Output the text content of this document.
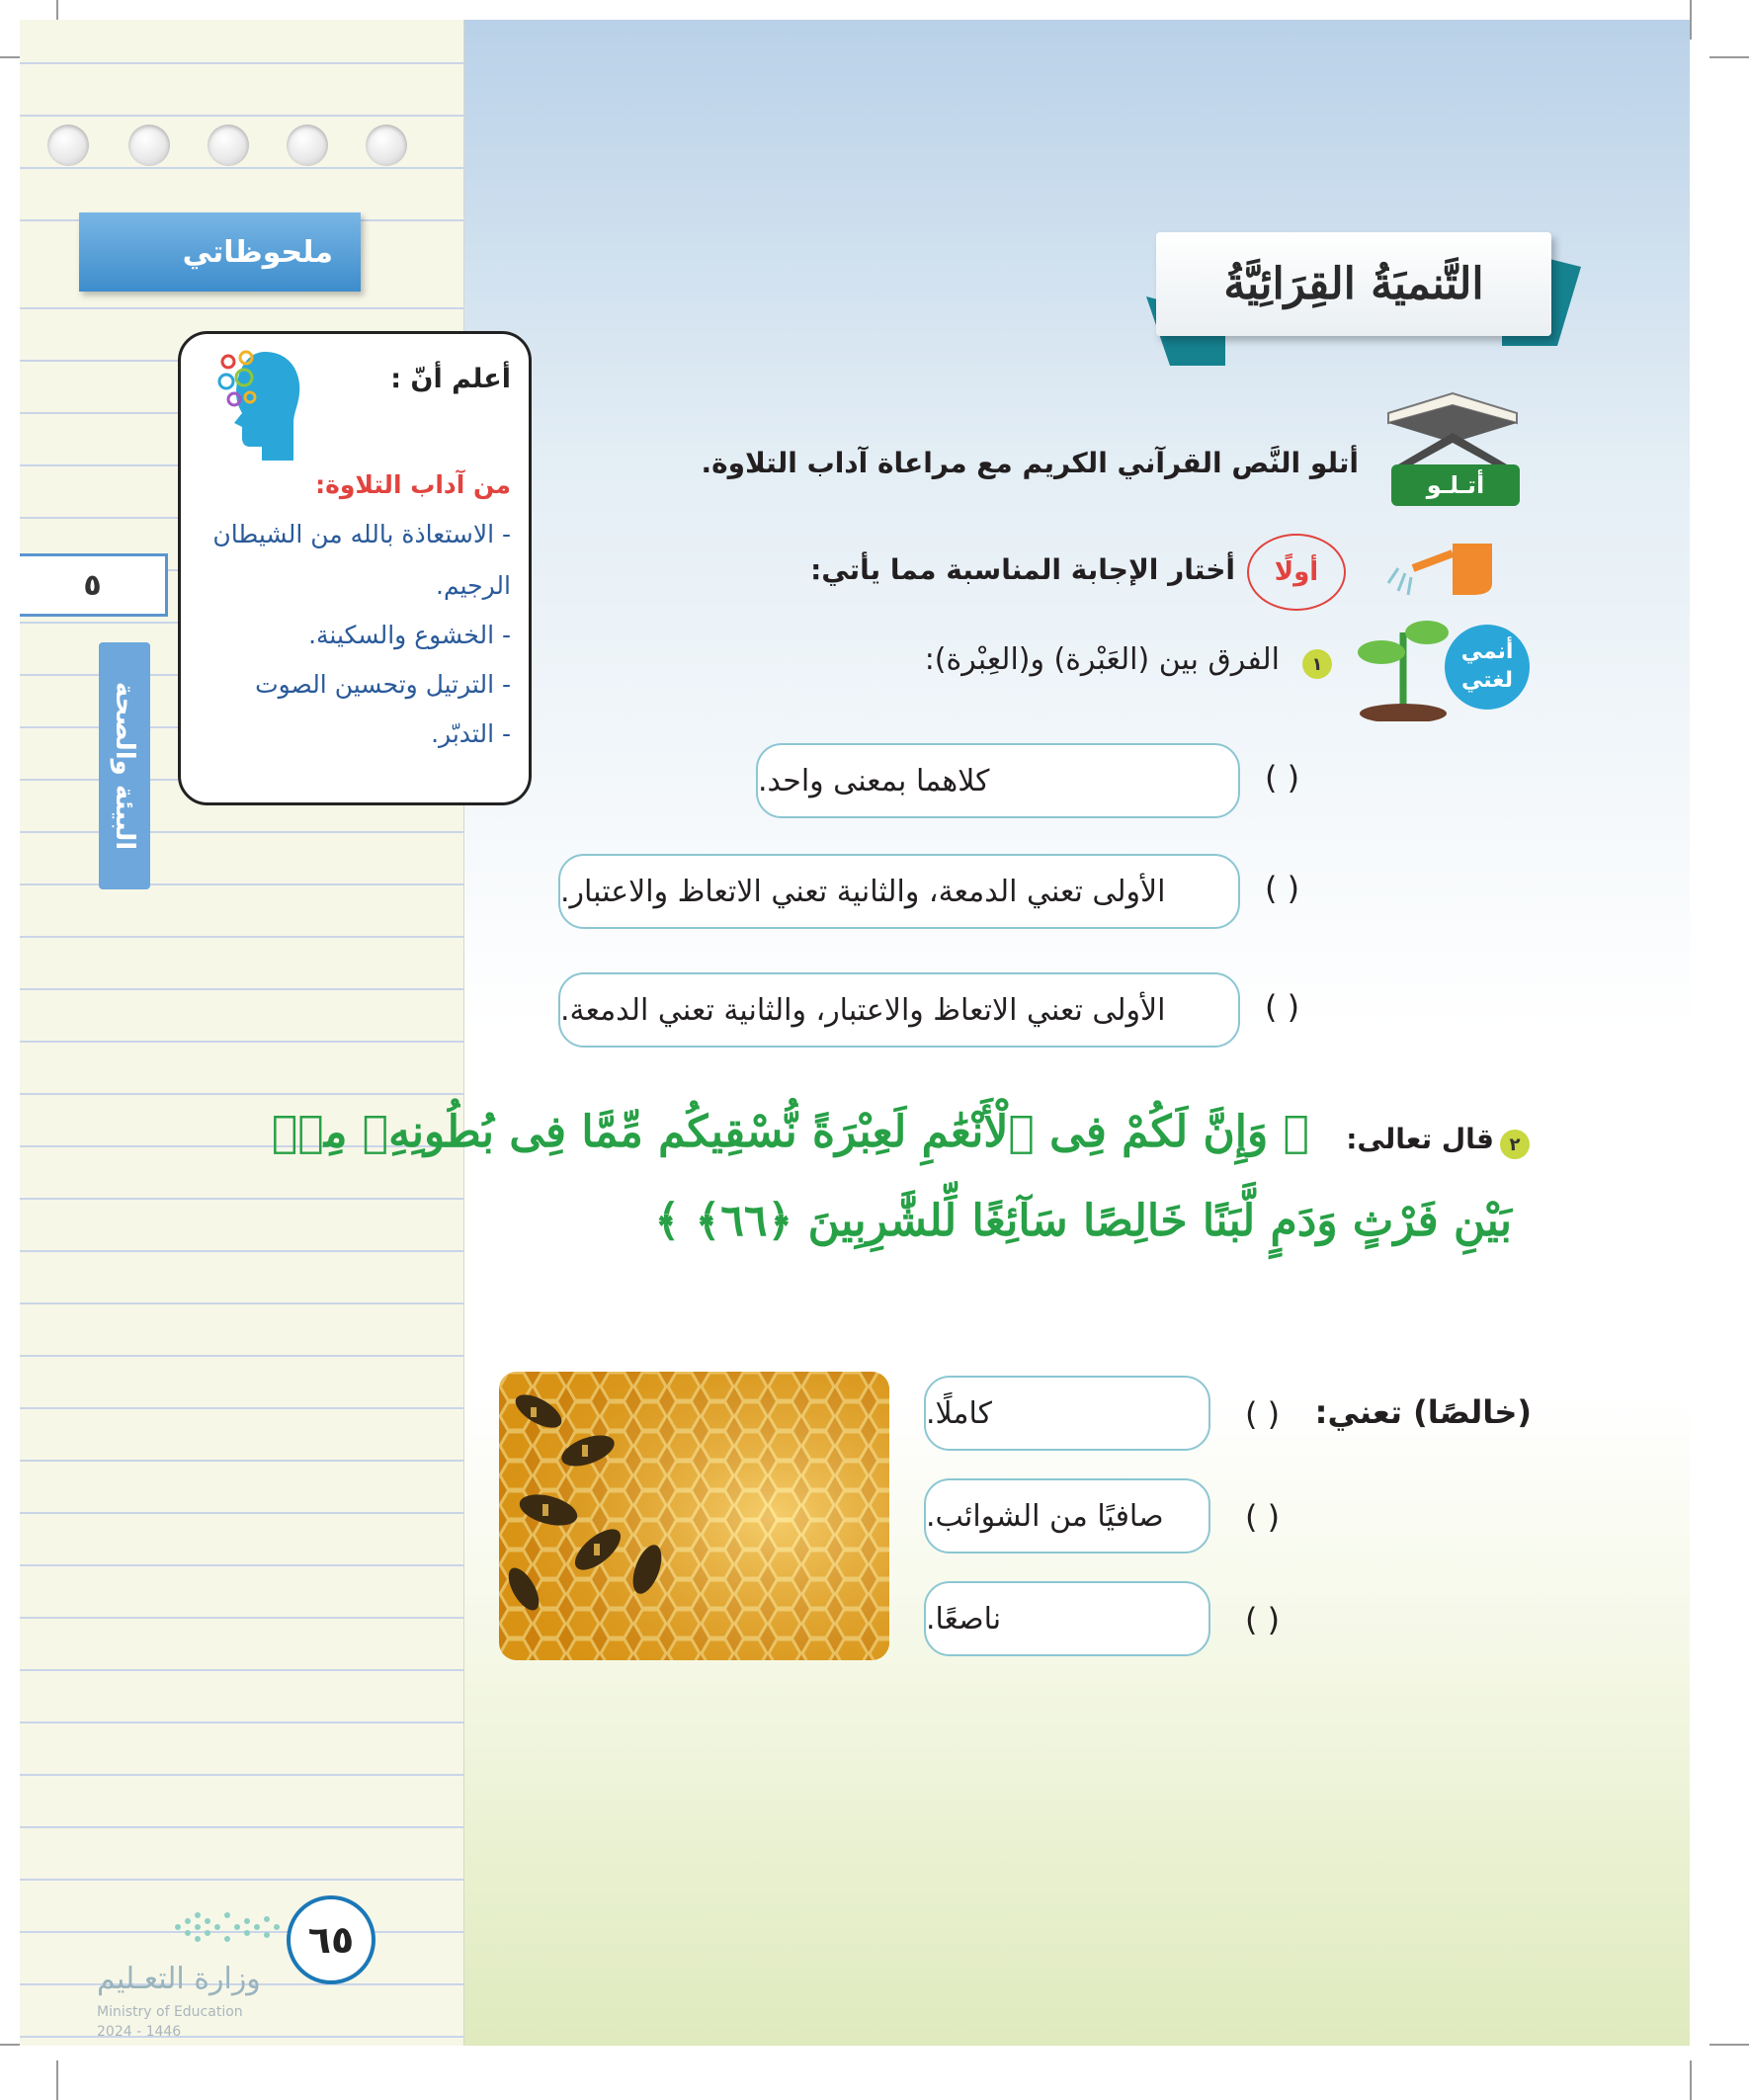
ملحوظاتي
٥
البيئة والصحة
أعلم أنّ :
من آداب التلاوة:
- الاستعاذة بالله من الشيطان
الرجيم.
- الخشوع والسكينة.
- الترتيل وتحسين الصوت
- التدبّر.
التَّنميَةُ القِرَائِيَّةُ
أتـلـو
أتلو النَّص القرآني الكريم مع مراعاة آداب التلاوة.
أنمي
لغتي
أولًا
أختار الإجابة المناسبة مما يأتي:
١
الفرق بين (العَبْرة) و(العِبْرة):
( )
كلاهما بمعنى واحد.
( )
الأولى تعني الدمعة، والثانية تعني الاتعاظ والاعتبار.
( )
الأولى تعني الاتعاظ والاعتبار، والثانية تعني الدمعة.
٢
قال تعالى:
﴿ وَإِنَّ لَكُمْ فِى ٱلْأَنْعَٰمِ لَعِبْرَةً نُّسْقِيكُم مِّمَّا فِى بُطُونِهِۦ مِنۢ
بَيْنِ فَرْثٍ وَدَمٍ لَّبَنًا خَالِصًا سَآئِغًا لِّلشَّٰرِبِينَ ﴿٦٦﴾ ﴾
(خالصًا) تعني:
( )
كاملًا.
( )
صافيًا من الشوائب.
( )
ناصعًا.
٦٥
وزارة التعـليم
Ministry of Education
2024 - 1446
